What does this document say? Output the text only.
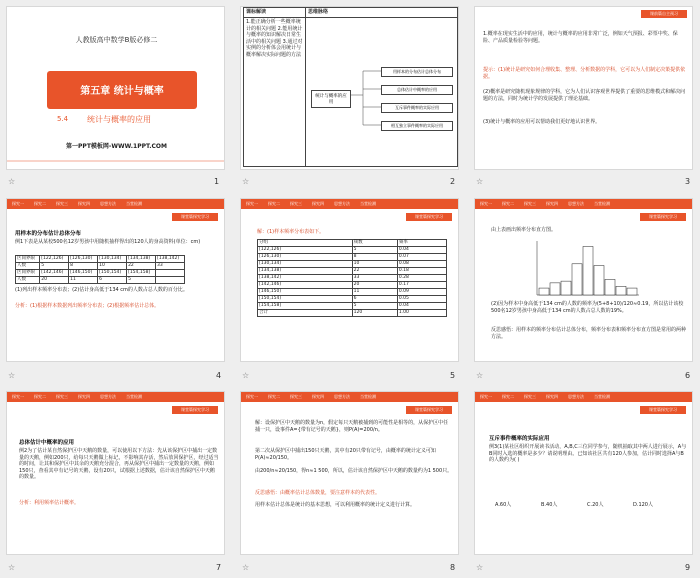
人教版高中数学B版必修二
第五章 统计与概率
5.4 统计与概率的应用
第一PPT模板网-WWW.1PPT.COM
1
☆
课标解读	思维脉络
1.能正确分析一些概率统计的相关问题 2.能用统计与概率的知识解决日常生活中的相关问题 3.通过对实例的分析体会用统计与概率解决实际问题的方法
统计与概率的应用
用样本的分布估计总体分布
总体估计中概率的应用
互斥事件概率的实际应用
相互独立事件概率的实际应用
2
☆
课前篇自主预习
1.概率在现实生活中的应用，统计与概率的应用非常广泛，例如天气预报、彩票中奖、保险、产品质量检验等问题。
提示：(1)统计是研究如何合理收集、整理、分析数据的学科，它可以为人们制定决策提供依据。
(2)概率是研究随机现象规律的学科，它为人们认识客观世界提供了重要的思维模式和解决问题的方法，同时为统计学的发展提供了理论基础。
(3)统计与概率的应用可以帮助我们更好地认识世界。
3
☆
探究一	探究二	探究三	探究四	思想方法	当堂检测
课堂篇探究学习
用样本的分布估计总体分布
例1下表是从某校500名12岁男孩中用随机抽样得出的120人的身高资料(单位：cm)
区间界限	[122,126)	[126,130)	[130,134)	[134,138)	[138,142)
人数	5	8	10	22	33
区间界限	[142,146)	[146,150)	[150,154)	[154,158]	
人数	20	11	6	5	
(1)列出样本频率分布表；(2)估计身高低于134 cm的人数占总人数的百分比。
分析：(1)根据样本数据列出频率分布表；(2)根据频率估计总体。
4
☆
探究一	探究二	探究三	探究四	思想方法	当堂检测
课堂篇探究学习
解：(1)样本频率分布表如下。
分组	频数	频率
[122,126)	5	0.04
[126,130)	8	0.07
[130,134)	10	0.08
[134,138)	22	0.18
[138,142)	33	0.28
[142,146)	20	0.17
[146,150)	11	0.09
[150,154)	6	0.05
[154,158]	5	0.04
合计	120	1.00
5
☆
探究一	探究二	探究三	探究四	思想方法	当堂检测
课堂篇探究学习
由上表画出频率分布直方图。
(2)因为样本中身高低于134 cm的人数的频率为(5+8+10)/120≈0.19，所以估计该校500名12岁男孩中身高低于134 cm的人数占总人数的19%。
反思感悟：用样本的频率分布估计总体分布，频率分布表和频率分布直方图是常用的两种方法。
6
☆
探究一	探究二	探究三	探究四	思想方法	当堂检测
课堂篇探究学习
总体估计中概率的应用
例2为了估计某自然保护区中天鹅的数量，可以使用以下方法：先从该保护区中捕出一定数量的天鹅，例如200只，给每只天鹅做上标记，不影响其存活，然后放回保护区，经过适当的时间，让其和保护区中其余的天鹅充分混合，再从保护区中捕出一定数量的天鹅，例如150只，查看其中有记号的天鹅，设有20只，试根据上述数据，估计该自然保护区中天鹅的数量。
分析：利用频率估计概率。
7
☆
探究一	探究二	探究三	探究四	思想方法	当堂检测
课堂篇探究学习
解：设保护区中天鹅的数量为n，假定每只天鹅被捕到的可能性是相等的，从保护区中任捕一只，设事件A={带有记号的天鹅}，则P(A)=200/n。
第二次从保护区中捕出150只天鹅，其中有20只带有记号，由概率的统计定义可知P(A)≈20/150。
由200/n≈20/150，得n≈1 500，所以，估计该自然保护区中天鹅的数量约为1 500只。
反思感悟：由概率估计总体数量，要注意样本的代表性。
用样本估计总体是统计的基本思想，可以利用概率的统计定义进行计算。
8
☆
探究一	探究二	探究三	探究四	思想方法	当堂检测
课堂篇探究学习
互斥事件概率的实际应用
例3(1)某社区组织开展读书活动，A,B,C三位同学参与，随机抽取其中两人进行展示，A与B同时入选的概率是多少？请说明理由。已知该社区共有120人参加，估计同时选择A与B的人数约为( )
A.60人	B.40人	C.20人	D.120人
9
☆
